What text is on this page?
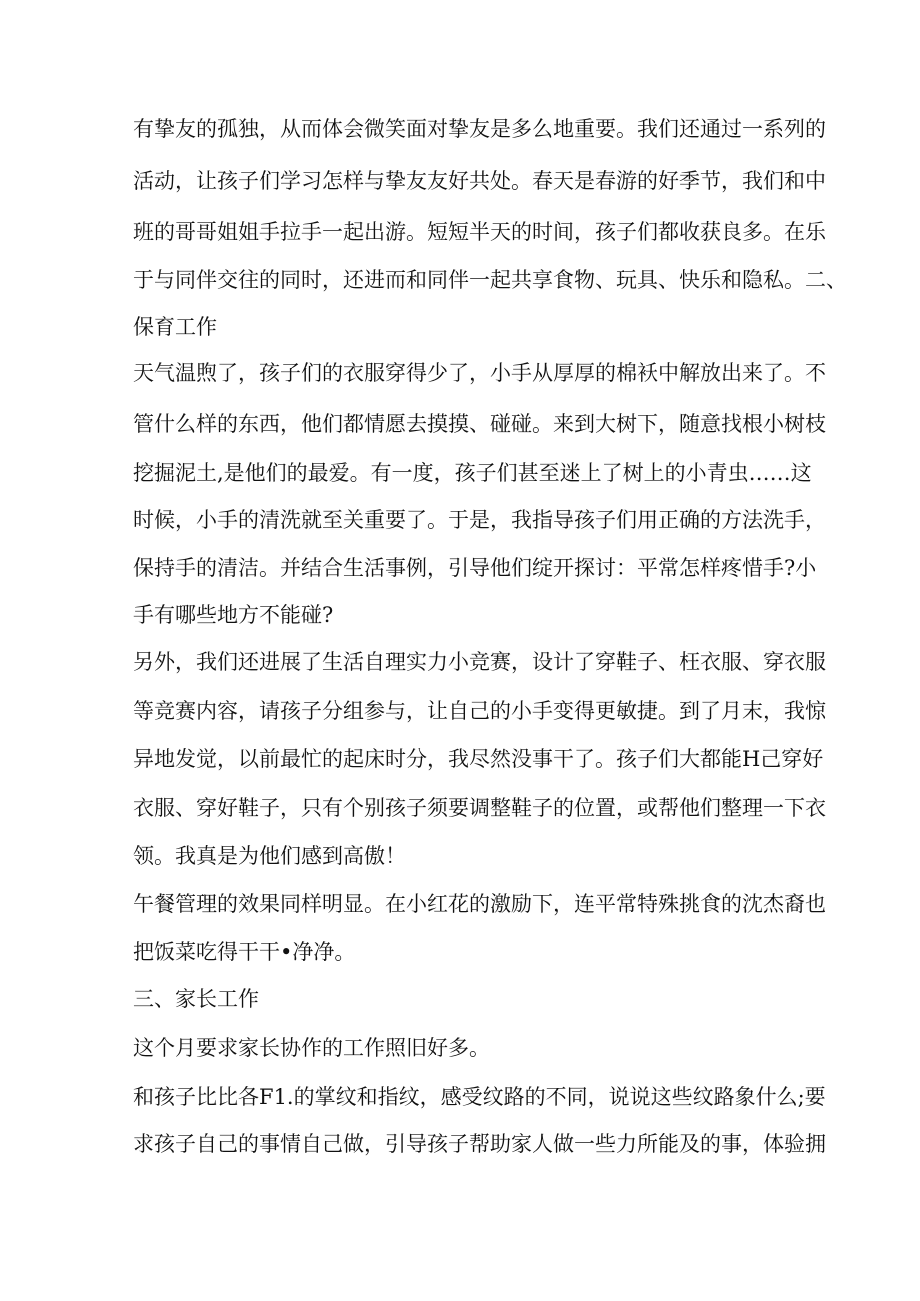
有挚友的孤独，从而体会微笑面对挚友是多么地重要。我们还通过一系列的
活动，让孩子们学习怎样与挚友友好共处。春天是春游的好季节，我们和中
班的哥哥姐姐手拉手一起出游。短短半天的时间，孩子们都收获良多。在乐
于与同伴交往的同时，还进而和同伴一起共享食物、玩具、快乐和隐私。二、
保育工作
天气温煦了，孩子们的衣服穿得少了，小手从厚厚的棉袄中解放出来了。不
管什么样的东西，他们都情愿去摸摸、碰碰。来到大树下，随意找根小树枝
挖掘泥土,是他们的最爱。有一度，孩子们甚至迷上了树上的小青虫……这
时候，小手的清洗就至关重要了。于是，我指导孩子们用正确的方法洗手，
保持手的清洁。并结合生活事例，引导他们绽开探讨：平常怎样疼惜手?小
手有哪些地方不能碰?
另外，我们还进展了生活自理实力小竞赛，设计了穿鞋子、枉衣服、穿衣服
等竞赛内容，请孩子分组参与，让自己的小手变得更敏捷。到了月末，我惊
异地发觉，以前最忙的起床时分，我尽然没事干了。孩子们大都能H己穿好
衣服、穿好鞋子，只有个别孩子须要调整鞋子的位置，或帮他们整理一下衣
领。我真是为他们感到高傲！
午餐管理的效果同样明显。在小红花的激励下，连平常特殊挑食的沈杰裔也
把饭菜吃得干干•净净。
三、家长工作
这个月要求家长协作的工作照旧好多。
和孩子比比各F1.的掌纹和指纹，感受纹路的不同，说说这些纹路象什么;要
求孩子自己的事情自己做，引导孩子帮助家人做一些力所能及的事，体验拥
